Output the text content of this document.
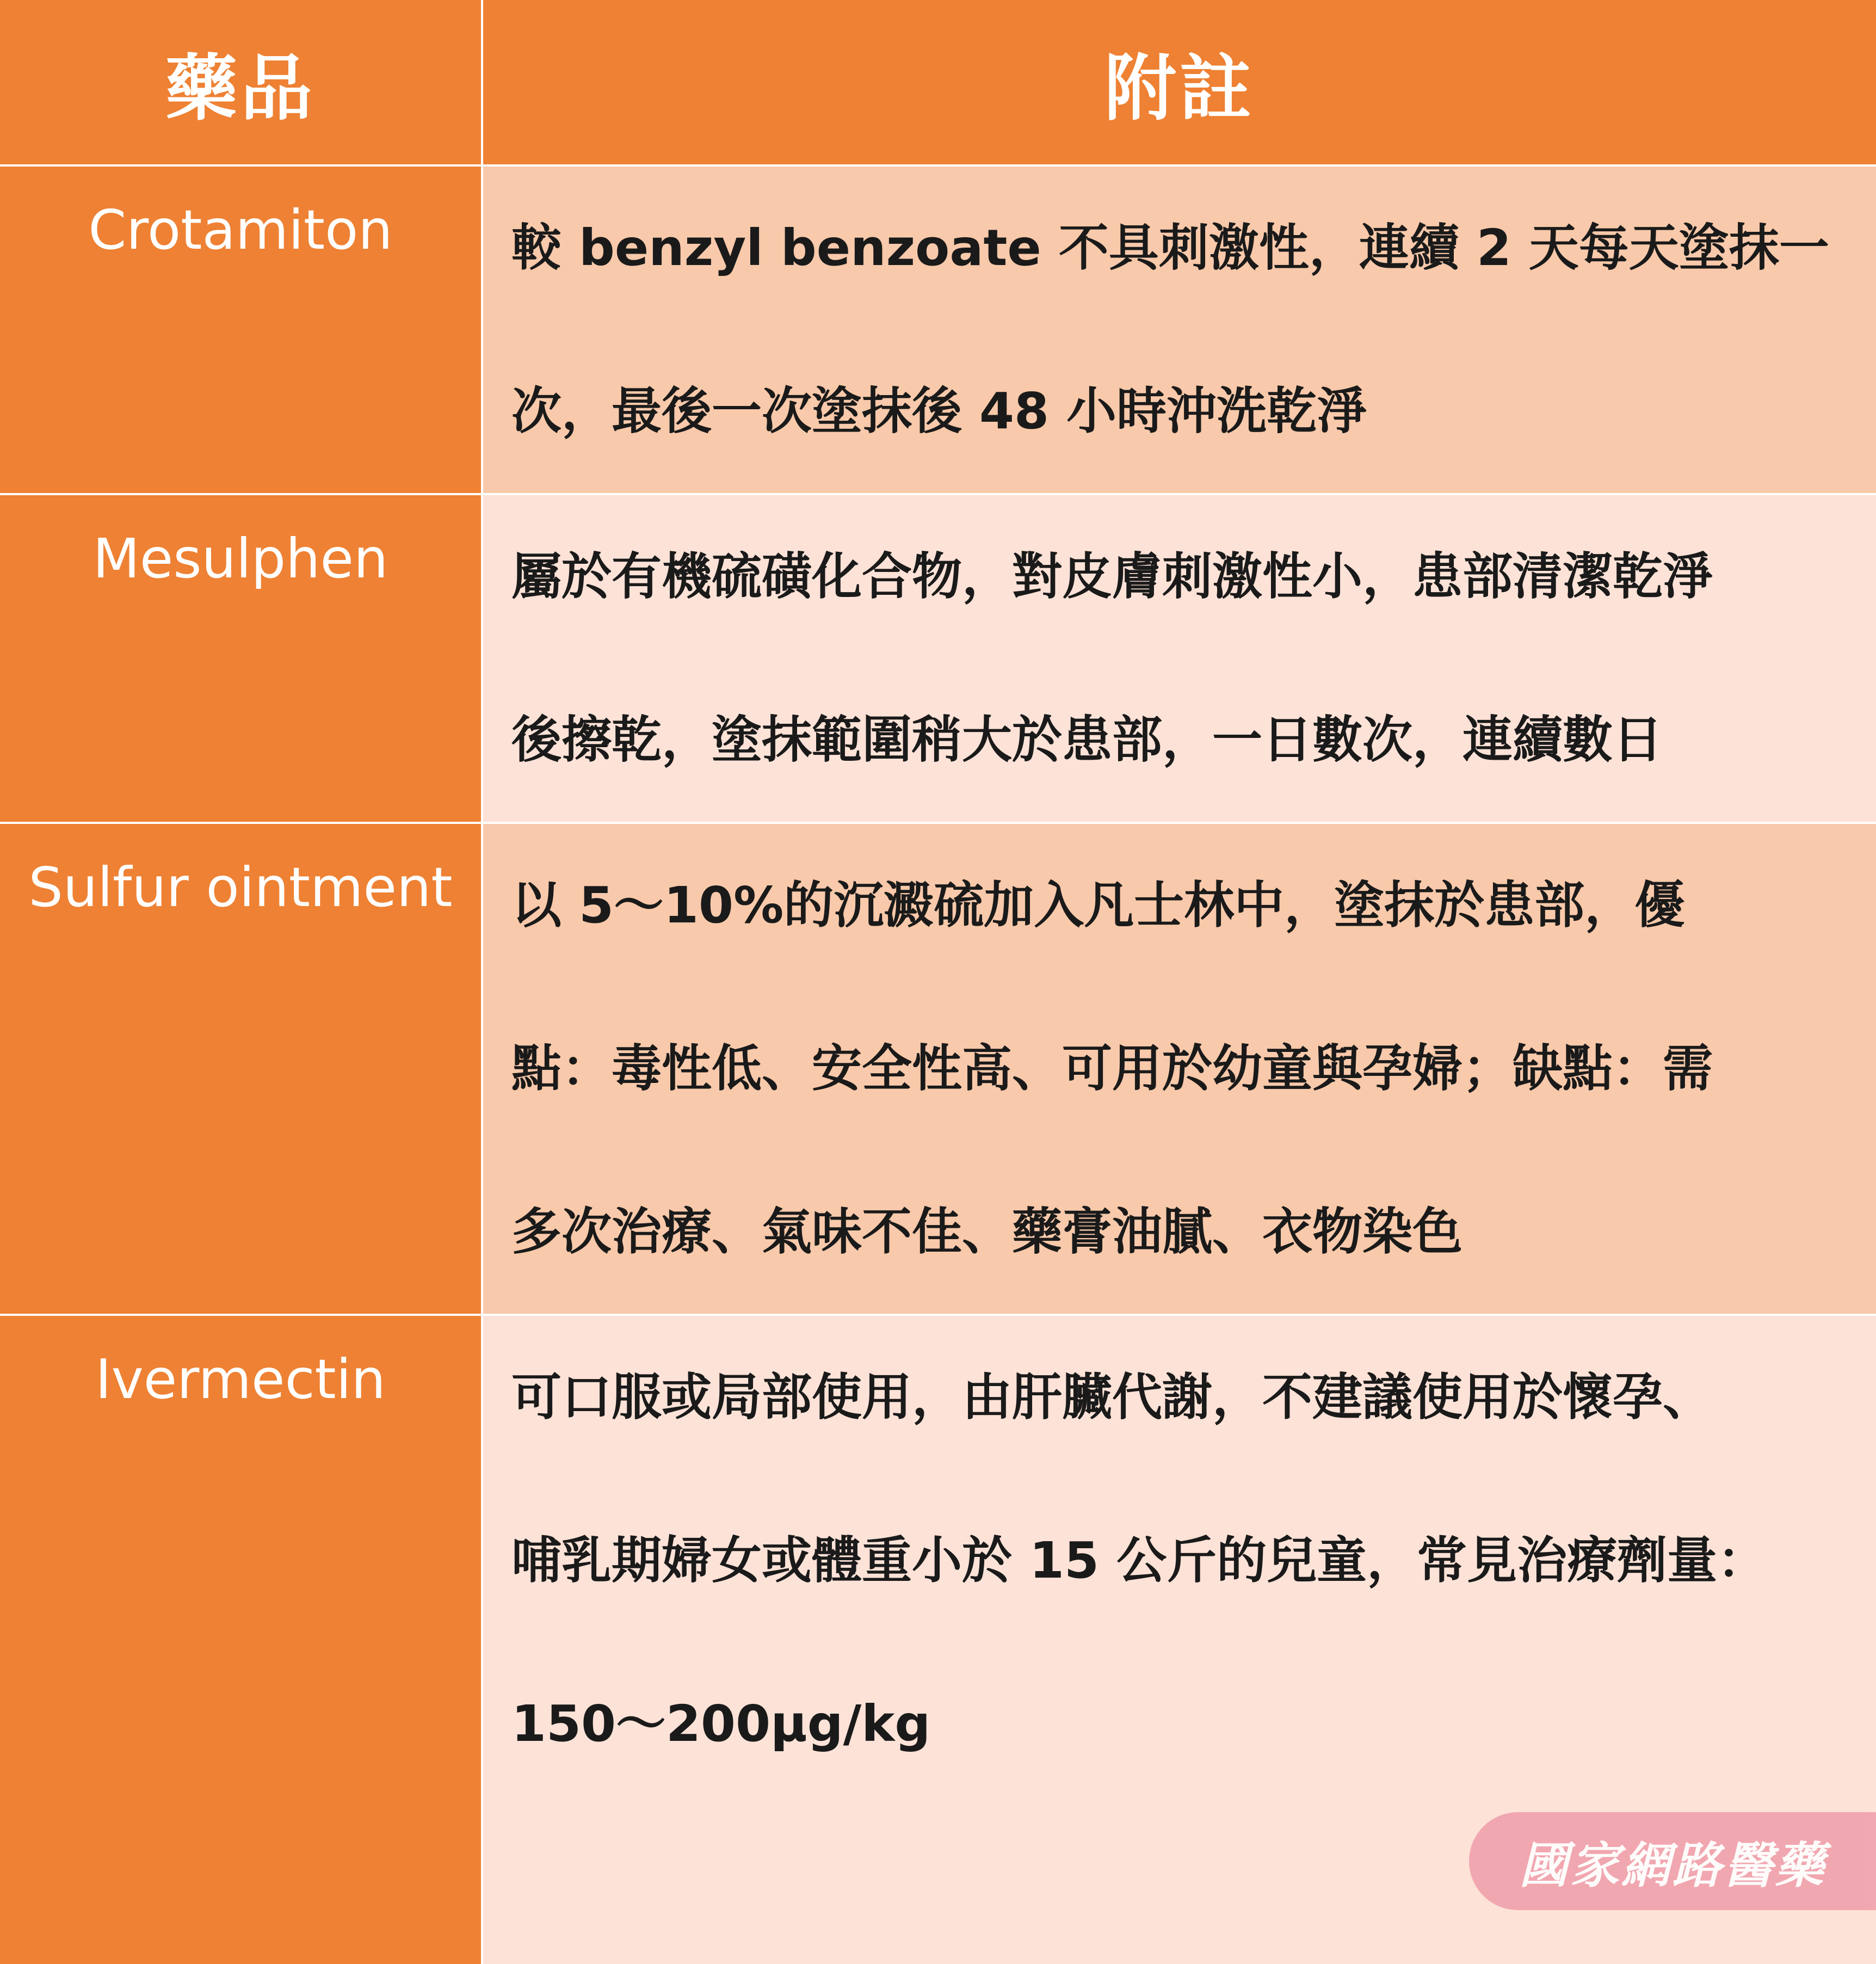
藥品	附註
Crotamiton	較 benzyl benzoate 不具刺激性，連續 2 天每天塗抹一
次，最後一次塗抹後 48 小時沖洗乾淨
Mesulphen	屬於有機硫磺化合物，對皮膚刺激性小，患部清潔乾淨
後擦乾，塗抹範圍稍大於患部，一日數次，連續數日
Sulfur ointment	以 5～10%的沉澱硫加入凡士林中，塗抹於患部，優
點：毒性低、安全性高、可用於幼童與孕婦；缺點：需
多次治療、氣味不佳、藥膏油膩、衣物染色
Ivermectin	可口服或局部使用，由肝臟代謝，不建議使用於懷孕、
哺乳期婦女或體重小於 15 公斤的兒童，常見治療劑量：
150～200μg/kg
國家網路醫藥
